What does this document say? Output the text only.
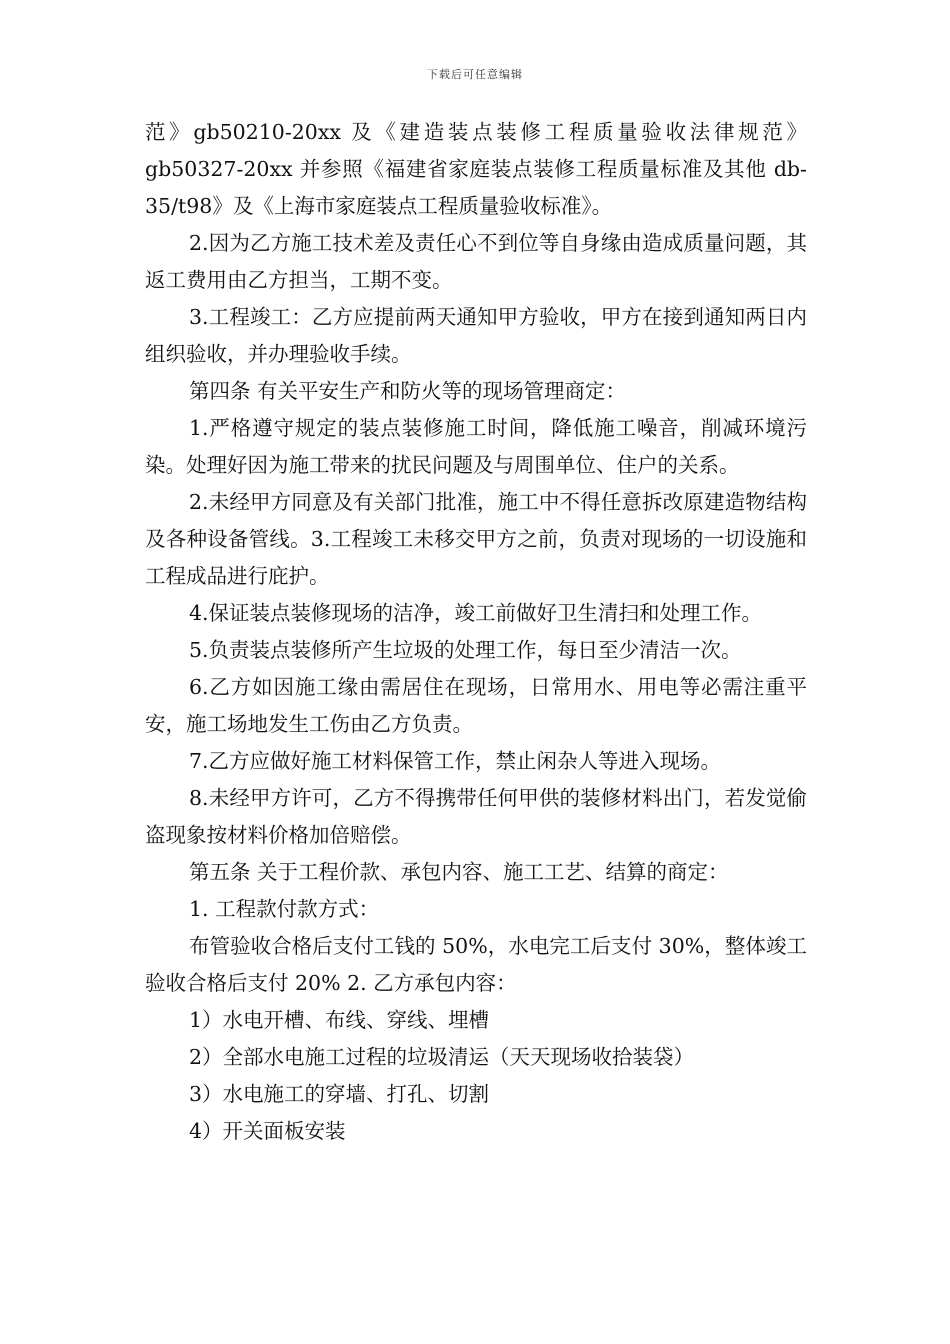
下载后可任意编辑

范》gb50210-20xx 及《建造装点装修工程质量验收法律规范》gb50327-20xx 并参照《福建省家庭装点装修工程质量标准及其他 db-35/t98》及《上海市家庭装点工程质量验收标准》。

2.因为乙方施工技术差及责任心不到位等自身缘由造成质量问题，其返工费用由乙方担当，工期不变。

3.工程竣工：乙方应提前两天通知甲方验收，甲方在接到通知两日内组织验收，并办理验收手续。

第四条 有关平安生产和防火等的现场管理商定：

1.严格遵守规定的装点装修施工时间，降低施工噪音，削减环境污染。处理好因为施工带来的扰民问题及与周围单位、住户的关系。

2.未经甲方同意及有关部门批准，施工中不得任意拆改原建造物结构及各种设备管线。3.工程竣工未移交甲方之前，负责对现场的一切设施和工程成品进行庇护。

4.保证装点装修现场的洁净，竣工前做好卫生清扫和处理工作。

5.负责装点装修所产生垃圾的处理工作，每日至少清洁一次。

6.乙方如因施工缘由需居住在现场，日常用水、用电等必需注重平安，施工场地发生工伤由乙方负责。

7.乙方应做好施工材料保管工作，禁止闲杂人等进入现场。

8.未经甲方许可，乙方不得携带任何甲供的装修材料出门，若发觉偷盗现象按材料价格加倍赔偿。

第五条 关于工程价款、承包内容、施工工艺、结算的商定：

1. 工程款付款方式：

布管验收合格后支付工钱的 50%，水电完工后支付 30%，整体竣工验收合格后支付 20% 2. 乙方承包内容：

1）水电开槽、布线、穿线、埋槽

2）全部水电施工过程的垃圾清运（天天现场收拾装袋）

3）水电施工的穿墙、打孔、切割

4）开关面板安装
